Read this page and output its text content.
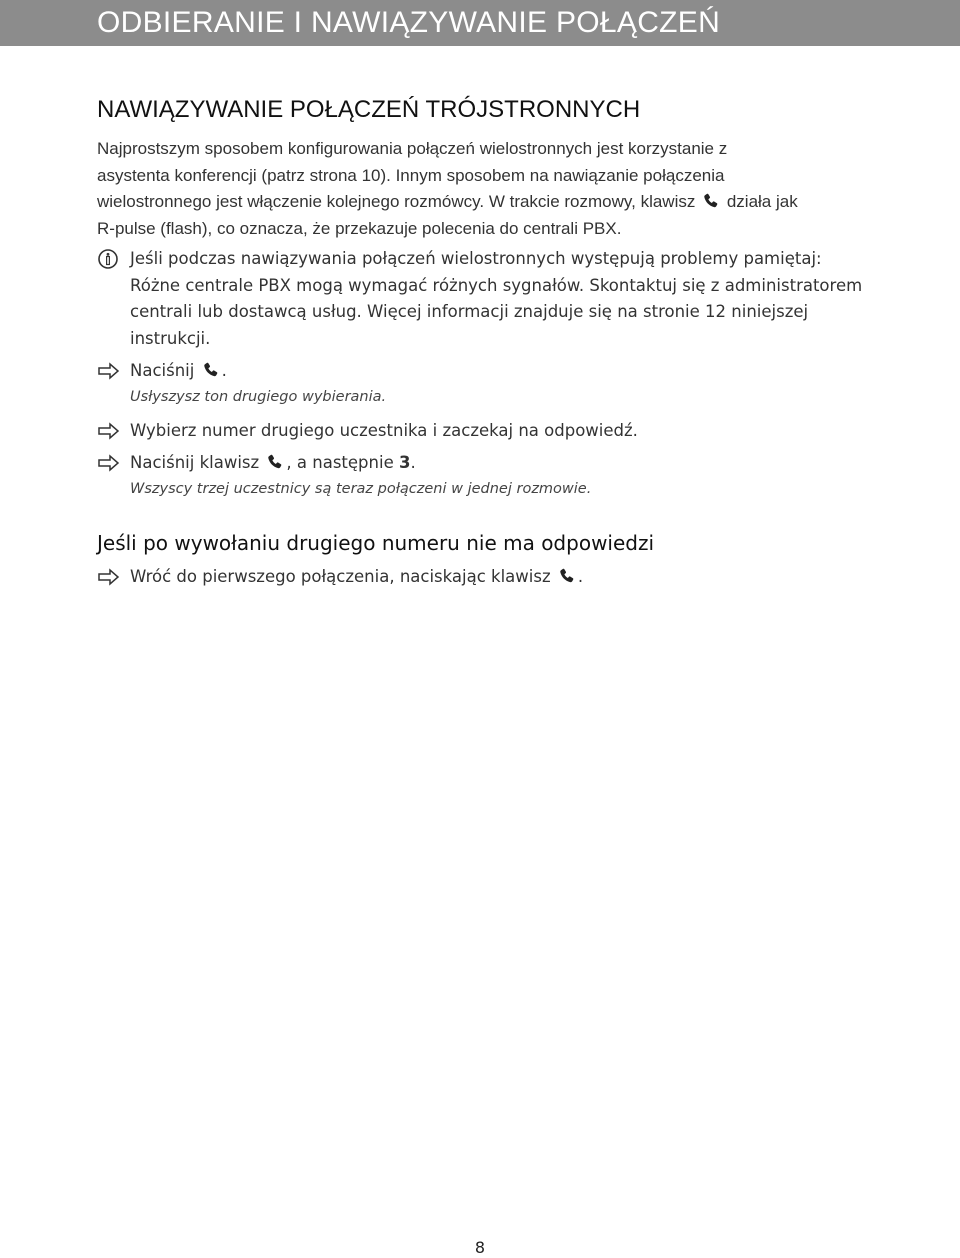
ODBIERANIE I NAWIĄZYWANIE POŁĄCZEŃ
NAWIĄZYWANIE POŁĄCZEŃ TRÓJSTRONNYCH
Najprostszym sposobem konfigurowania połączeń wielostronnych jest korzystanie z
asystenta konferencji (patrz strona 10). Innym sposobem na nawiązanie połączenia
wielostronnego jest włączenie kolejnego rozmówcy. W trakcie rozmowy, klawisz działa jak
R-pulse (flash), co oznacza, że przekazuje polecenia do centrali PBX.
Jeśli podczas nawiązywania połączeń wielostronnych występują problemy pamiętaj:
Różne centrale PBX mogą wymagać różnych sygnałów. Skontaktuj się z administratorem
centrali lub dostawcą usług. Więcej informacji znajduje się na stronie 12 niniejszej
instrukcji.
Naciśnij .
Usłyszysz ton drugiego wybierania.
Wybierz numer drugiego uczestnika i zaczekaj na odpowiedź.
Naciśnij klawisz , a następnie 3.
Wszyscy trzej uczestnicy są teraz połączeni w jednej rozmowie.
Jeśli po wywołaniu drugiego numeru nie ma odpowiedzi
Wróć do pierwszego połączenia, naciskając klawisz .
8
